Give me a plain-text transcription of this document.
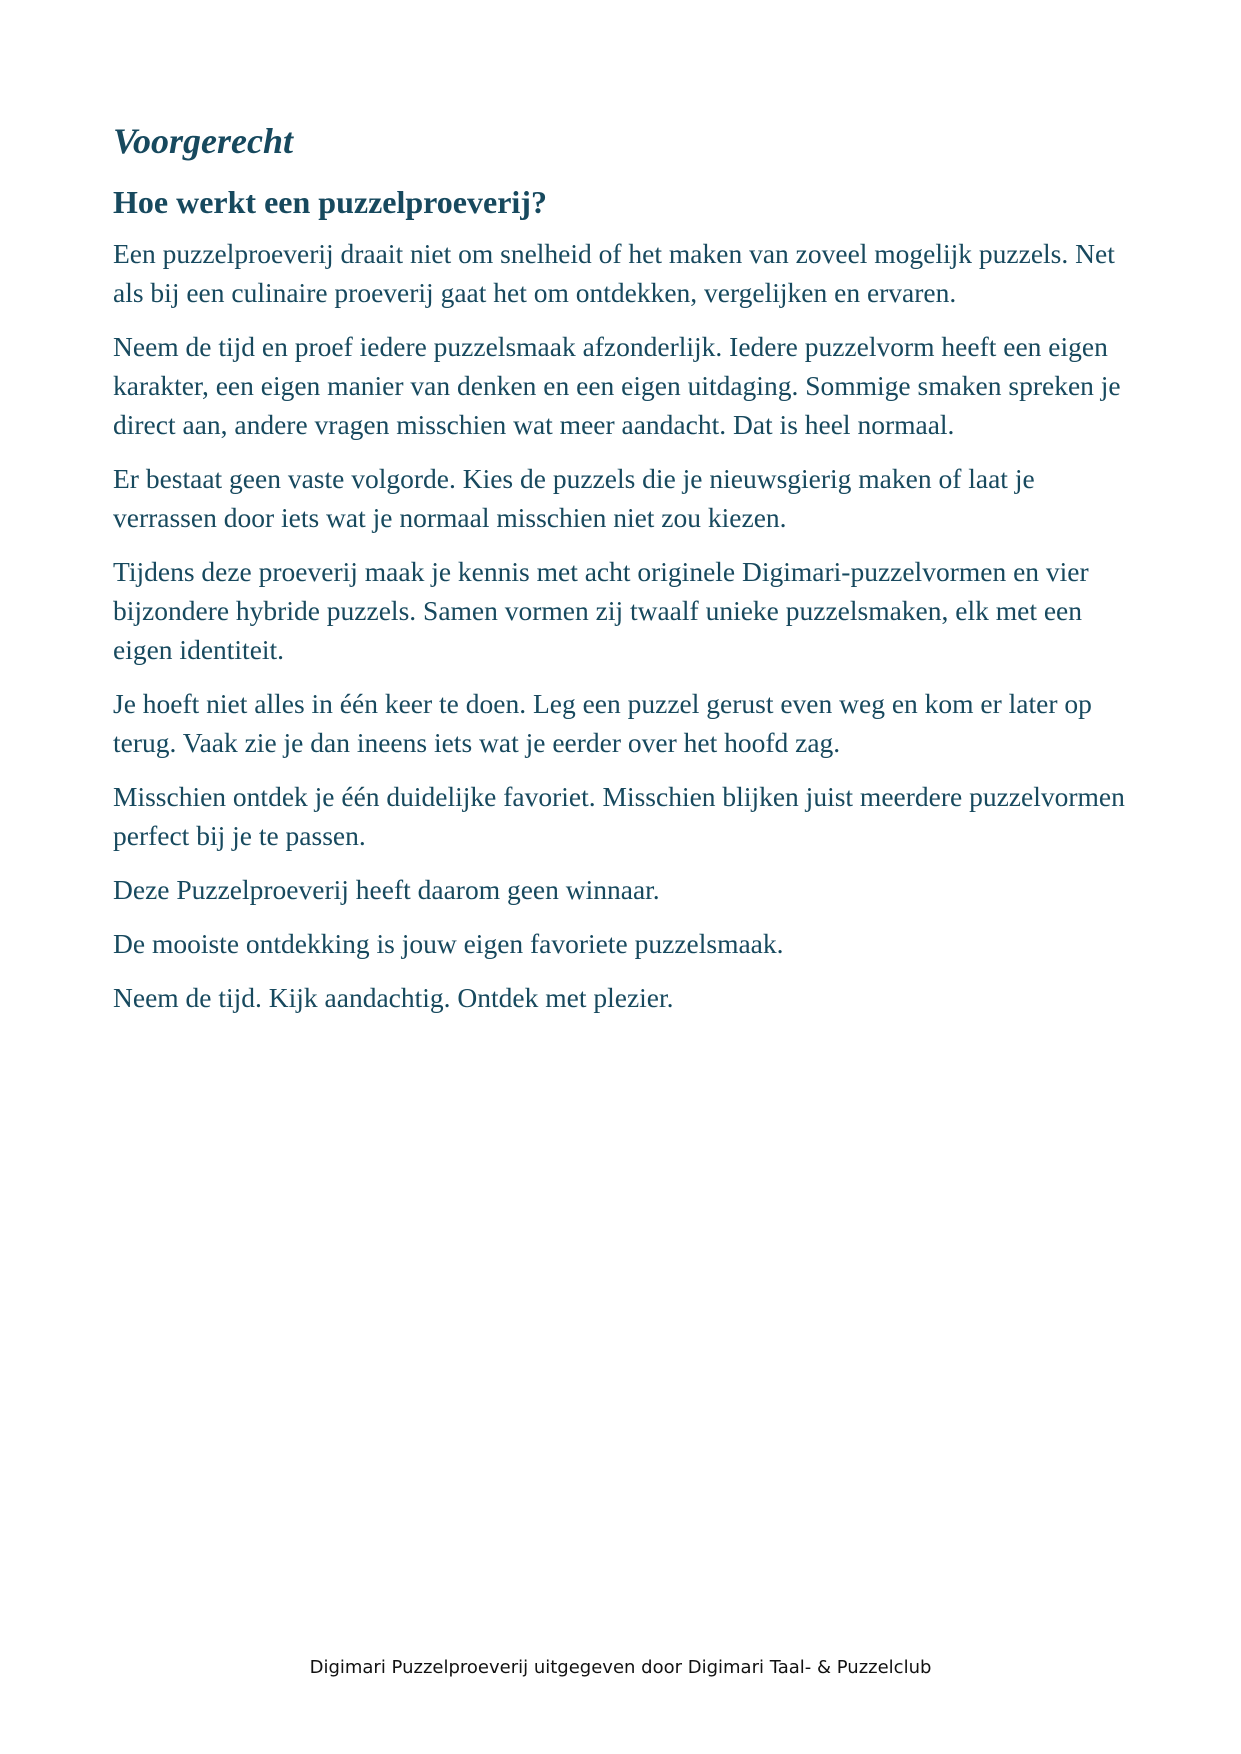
Voorgerecht
Hoe werkt een puzzelproeverij?

Een puzzelproeverij draait niet om snelheid of het maken van zoveel mogelijk puzzels. Net als bij een culinaire proeverij gaat het om ontdekken, vergelijken en ervaren.

Neem de tijd en proef iedere puzzelsmaak afzonderlijk. Iedere puzzelvorm heeft een eigen karakter, een eigen manier van denken en een eigen uitdaging. Sommige smaken spreken je direct aan, andere vragen misschien wat meer aandacht. Dat is heel normaal.

Er bestaat geen vaste volgorde. Kies de puzzels die je nieuwsgierig maken of laat je verrassen door iets wat je normaal misschien niet zou kiezen.

Tijdens deze proeverij maak je kennis met acht originele Digimari-puzzelvormen en vier bijzondere hybride puzzels. Samen vormen zij twaalf unieke puzzelsmaken, elk met een eigen identiteit.

Je hoeft niet alles in één keer te doen. Leg een puzzel gerust even weg en kom er later op terug. Vaak zie je dan ineens iets wat je eerder over het hoofd zag.

Misschien ontdek je één duidelijke favoriet. Misschien blijken juist meerdere puzzelvormen perfect bij je te passen.

Deze Puzzelproeverij heeft daarom geen winnaar.

De mooiste ontdekking is jouw eigen favoriete puzzelsmaak.

Neem de tijd. Kijk aandachtig. Ontdek met plezier.

Digimari Puzzelproeverij uitgegeven door Digimari Taal- & Puzzelclub
